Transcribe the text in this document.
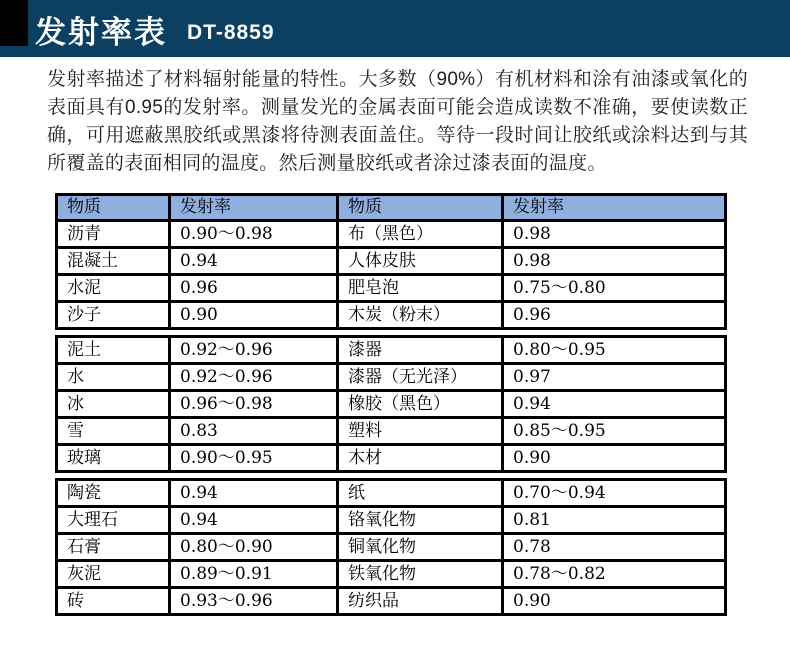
发射率表 DT-8859

发射率描述了材料辐射能量的特性。大多数（90%）有机材料和涂有油漆或氧化的表面具有0.95的发射率。测量发光的金属表面可能会造成读数不准确，要使读数正确，可用遮蔽黑胶纸或黑漆将待测表面盖住。等待一段时间让胶纸或涂料达到与其所覆盖的表面相同的温度。然后测量胶纸或者涂过漆表面的温度。

物质	发射率	物质	发射率
沥青	0.90～0.98	布（黑色）	0.98
混凝土	0.94	人体皮肤	0.98
水泥	0.96	肥皂泡	0.75～0.80
沙子	0.90	木炭（粉末）	0.96
泥土	0.92～0.96	漆器	0.80～0.95
水	0.92～0.96	漆器（无光泽）	0.97
冰	0.96～0.98	橡胶（黑色）	0.94
雪	0.83	塑料	0.85～0.95
玻璃	0.90～0.95	木材	0.90
陶瓷	0.94	纸	0.70～0.94
大理石	0.94	铬氧化物	0.81
石膏	0.80～0.90	铜氧化物	0.78
灰泥	0.89～0.91	铁氧化物	0.78～0.82
砖	0.93～0.96	纺织品	0.90
